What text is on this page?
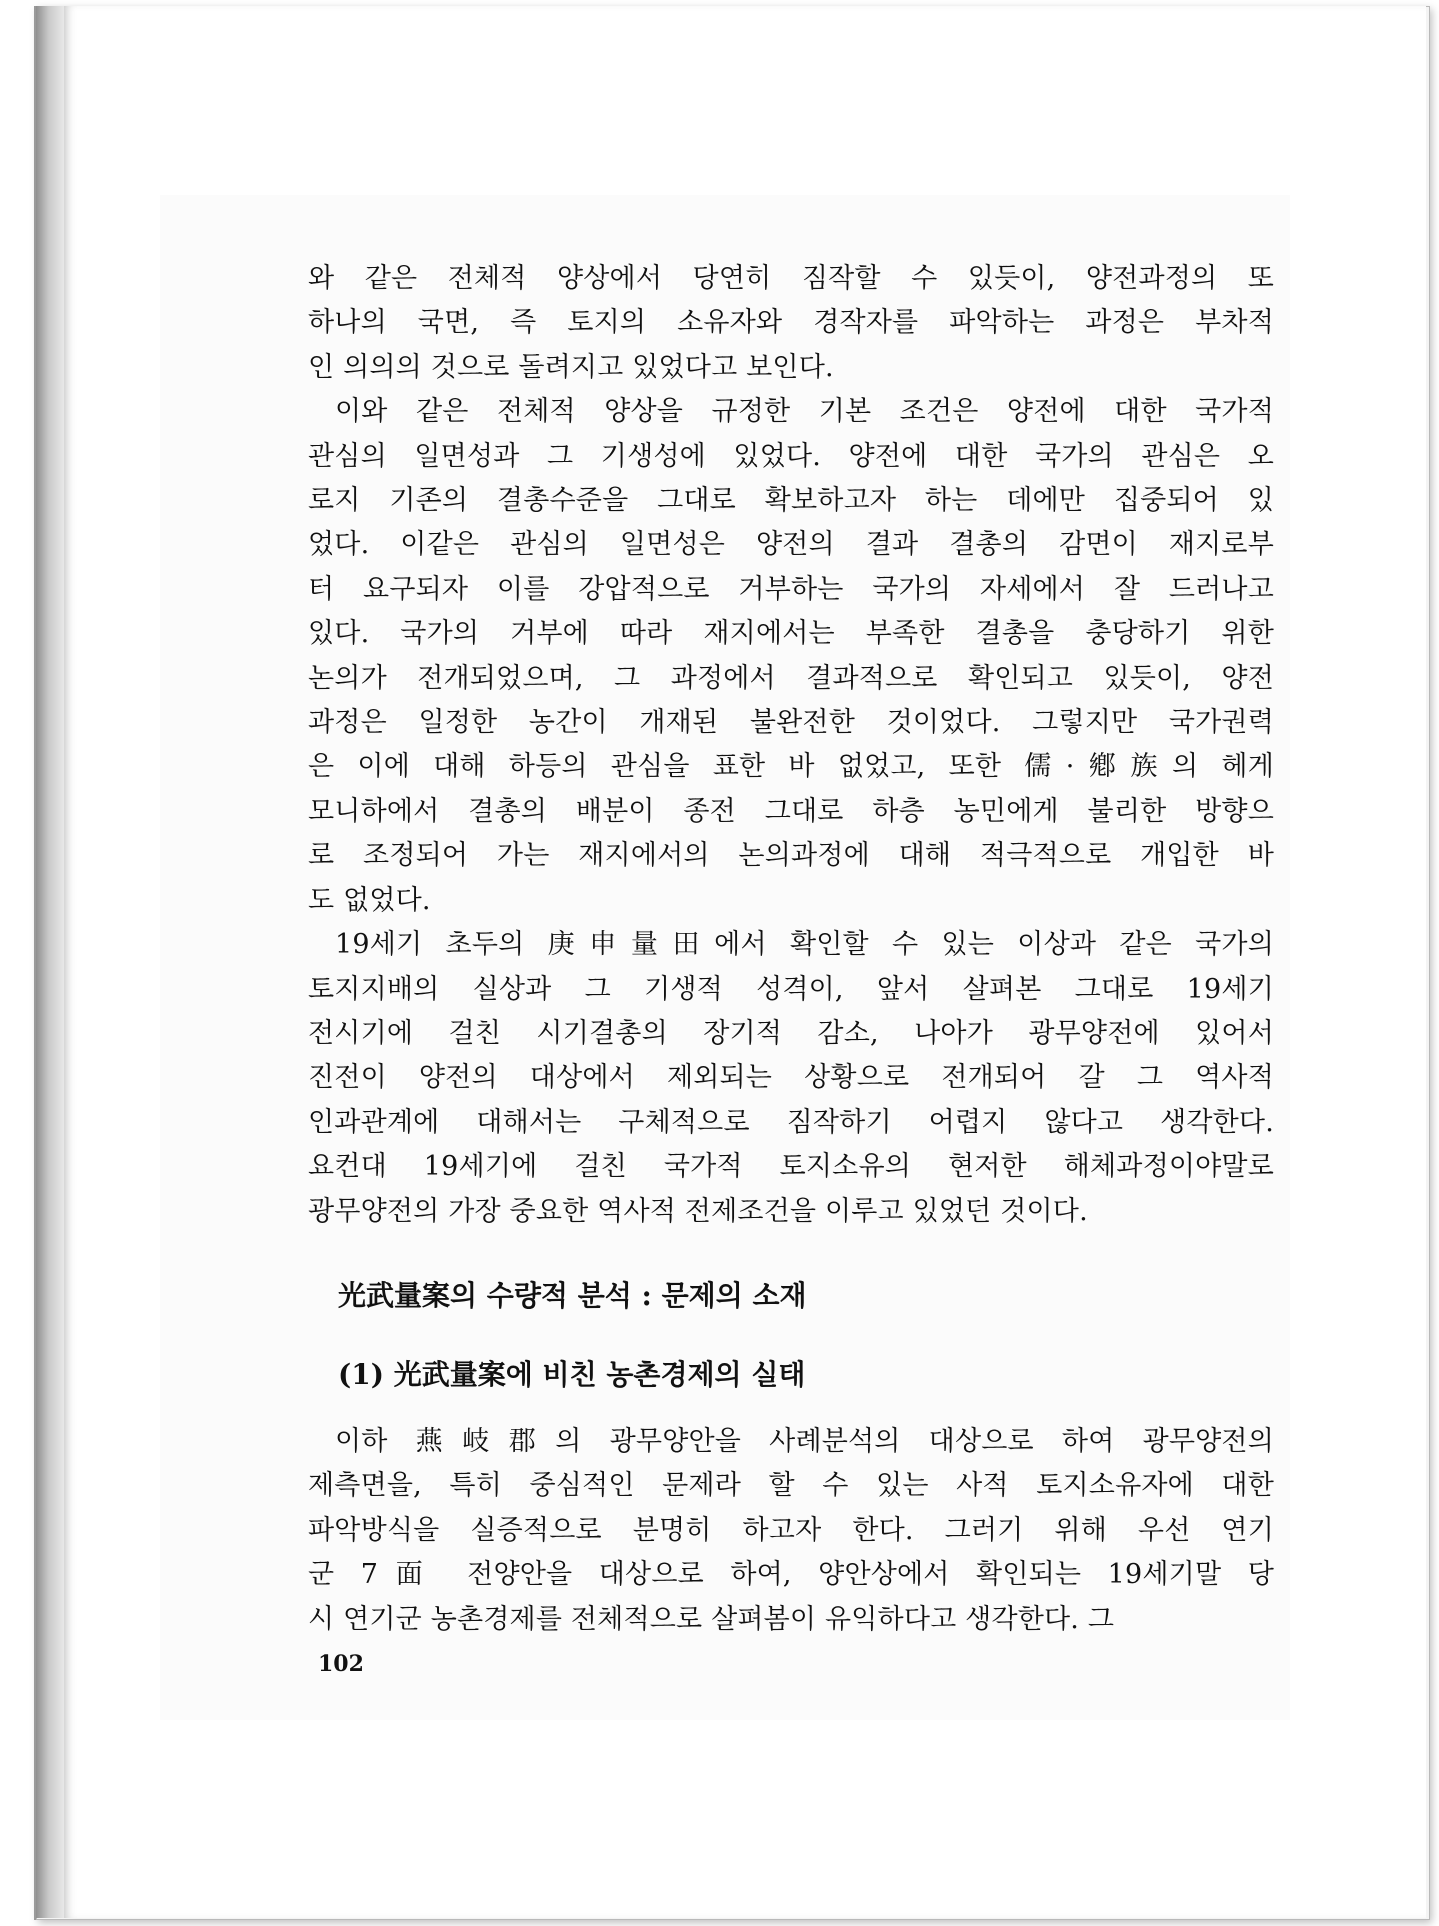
와 같은 전체적 양상에서 당연히 짐작할 수 있듯이, 양전과정의 또
하나의 국면, 즉 토지의 소유자와 경작자를 파악하는 과정은 부차적
인 의의의 것으로 돌려지고 있었다고 보인다.
이와 같은 전체적 양상을 규정한 기본 조건은 양전에 대한 국가적
관심의 일면성과 그 기생성에 있었다. 양전에 대한 국가의 관심은 오
로지 기존의 결총수준을 그대로 확보하고자 하는 데에만 집중되어 있
었다. 이같은 관심의 일면성은 양전의 결과 결총의 감면이 재지로부
터 요구되자 이를 강압적으로 거부하는 국가의 자세에서 잘 드러나고
있다. 국가의 거부에 따라 재지에서는 부족한 결총을 충당하기 위한
논의가 전개되었으며, 그 과정에서 결과적으로 확인되고 있듯이, 양전
과정은 일정한 농간이 개재된 불완전한 것이었다. 그렇지만 국가권력
은 이에 대해 하등의 관심을 표한 바 없었고, 또한 儒·鄕族의 헤게
모니하에서 결총의 배분이 종전 그대로 하층 농민에게 불리한 방향으
로 조정되어 가는 재지에서의 논의과정에 대해 적극적으로 개입한 바
도 없었다.
19세기 초두의 庚申量田에서 확인할 수 있는 이상과 같은 국가의
토지지배의 실상과 그 기생적 성격이, 앞서 살펴본 그대로 19세기
전시기에 걸친 시기결총의 장기적 감소, 나아가 광무양전에 있어서
진전이 양전의 대상에서 제외되는 상황으로 전개되어 갈 그 역사적
인과관계에 대해서는 구체적으로 짐작하기 어렵지 않다고 생각한다.
요컨대 19세기에 걸친 국가적 토지소유의 현저한 해체과정이야말로
광무양전의 가장 중요한 역사적 전제조건을 이루고 있었던 것이다.
光武量案의 수량적 분석 : 문제의 소재
(1) 光武量案에 비친 농촌경제의 실태
이하 燕岐郡의 광무양안을 사례분석의 대상으로 하여 광무양전의
제측면을, 특히 중심적인 문제라 할 수 있는 사적 토지소유자에 대한
파악방식을 실증적으로 분명히 하고자 한다. 그러기 위해 우선 연기
군 7面 전양안을 대상으로 하여, 양안상에서 확인되는 19세기말 당
시 연기군 농촌경제를 전체적으로 살펴봄이 유익하다고 생각한다. 그
102
